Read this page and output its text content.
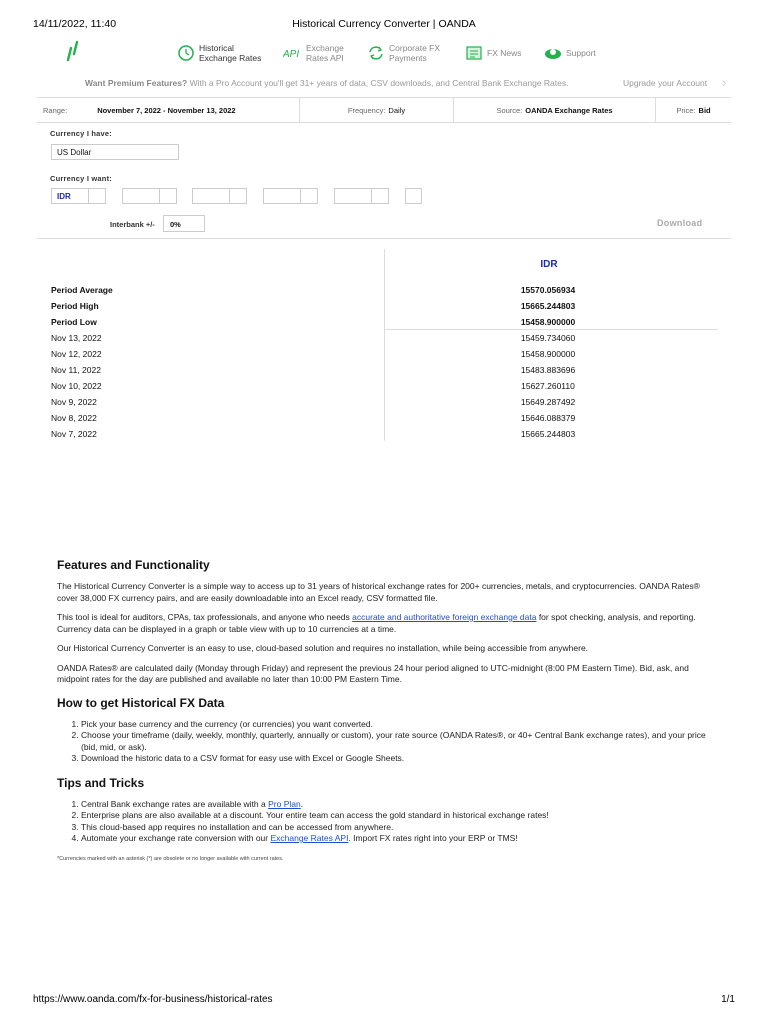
14/11/2022, 11:40	Historical Currency Converter | OANDA
Historical Exchange Rates	API
Exchange Rates API
Corporate FX Payments	FX News	Support
Want Premium Features? With a Pro Account you'll get 31+ years of data, CSV downloads, and Central Bank Exchange Rates.	Upgrade your Account ›
Range:	November 7, 2022 - November 13, 2022	Frequency: Daily	Source: OANDA Exchange Rates	Price: Bid
Currency I have:
US Dollar
Currency I want:
IDR
Interbank +/-	0%	Download
IDR
Period Average	15570.056934
Period High	15665.244803
Period Low	15458.900000
Nov 13, 2022	15459.734060
Nov 12, 2022	15458.900000
Nov 11, 2022	15483.883696
Nov 10, 2022	15627.260110
Nov 9, 2022	15649.287492
Nov 8, 2022	15646.088379
Nov 7, 2022	15665.244803
Features and Functionality

The Historical Currency Converter is a simple way to access up to 31 years of historical exchange rates for 200+ currencies, metals, and cryptocurrencies. OANDA Rates® cover 38,000 FX currency pairs, and are easily downloadable into an Excel ready, CSV formatted file.

This tool is ideal for auditors, CPAs, tax professionals, and anyone who needs accurate and authoritative foreign exchange data for spot checking, analysis, and reporting. Currency data can be displayed in a graph or table view with up to 10 currencies at a time.

Our Historical Currency Converter is an easy to use, cloud-based solution and requires no installation, while being accessible from anywhere.

OANDA Rates® are calculated daily (Monday through Friday) and represent the previous 24 hour period aligned to UTC-midnight (8:00 PM Eastern Time). Bid, ask, and midpoint rates for the day are published and available no later than 10:00 PM Eastern Time.

How to get Historical FX Data
1. Pick your base currency and the currency (or currencies) you want converted.
2. Choose your timeframe (daily, weekly, monthly, quarterly, annually or custom), your rate source (OANDA Rates®, or 40+ Central Bank exchange rates), and your price (bid, mid, or ask).
3. Download the historic data to a CSV format for easy use with Excel or Google Sheets.
Tips and Tricks
1. Central Bank exchange rates are available with a Pro Plan.
2. Enterprise plans are also available at a discount. Your entire team can access the gold standard in historical exchange rates!
3. This cloud-based app requires no installation and can be accessed from anywhere.
4. Automate your exchange rate conversion with our Exchange Rates API. Import FX rates right into your ERP or TMS!
*Currencies marked with an asterisk (*) are obsolete or no longer available with current rates.
https://www.oanda.com/fx-for-business/historical-rates	1/1
